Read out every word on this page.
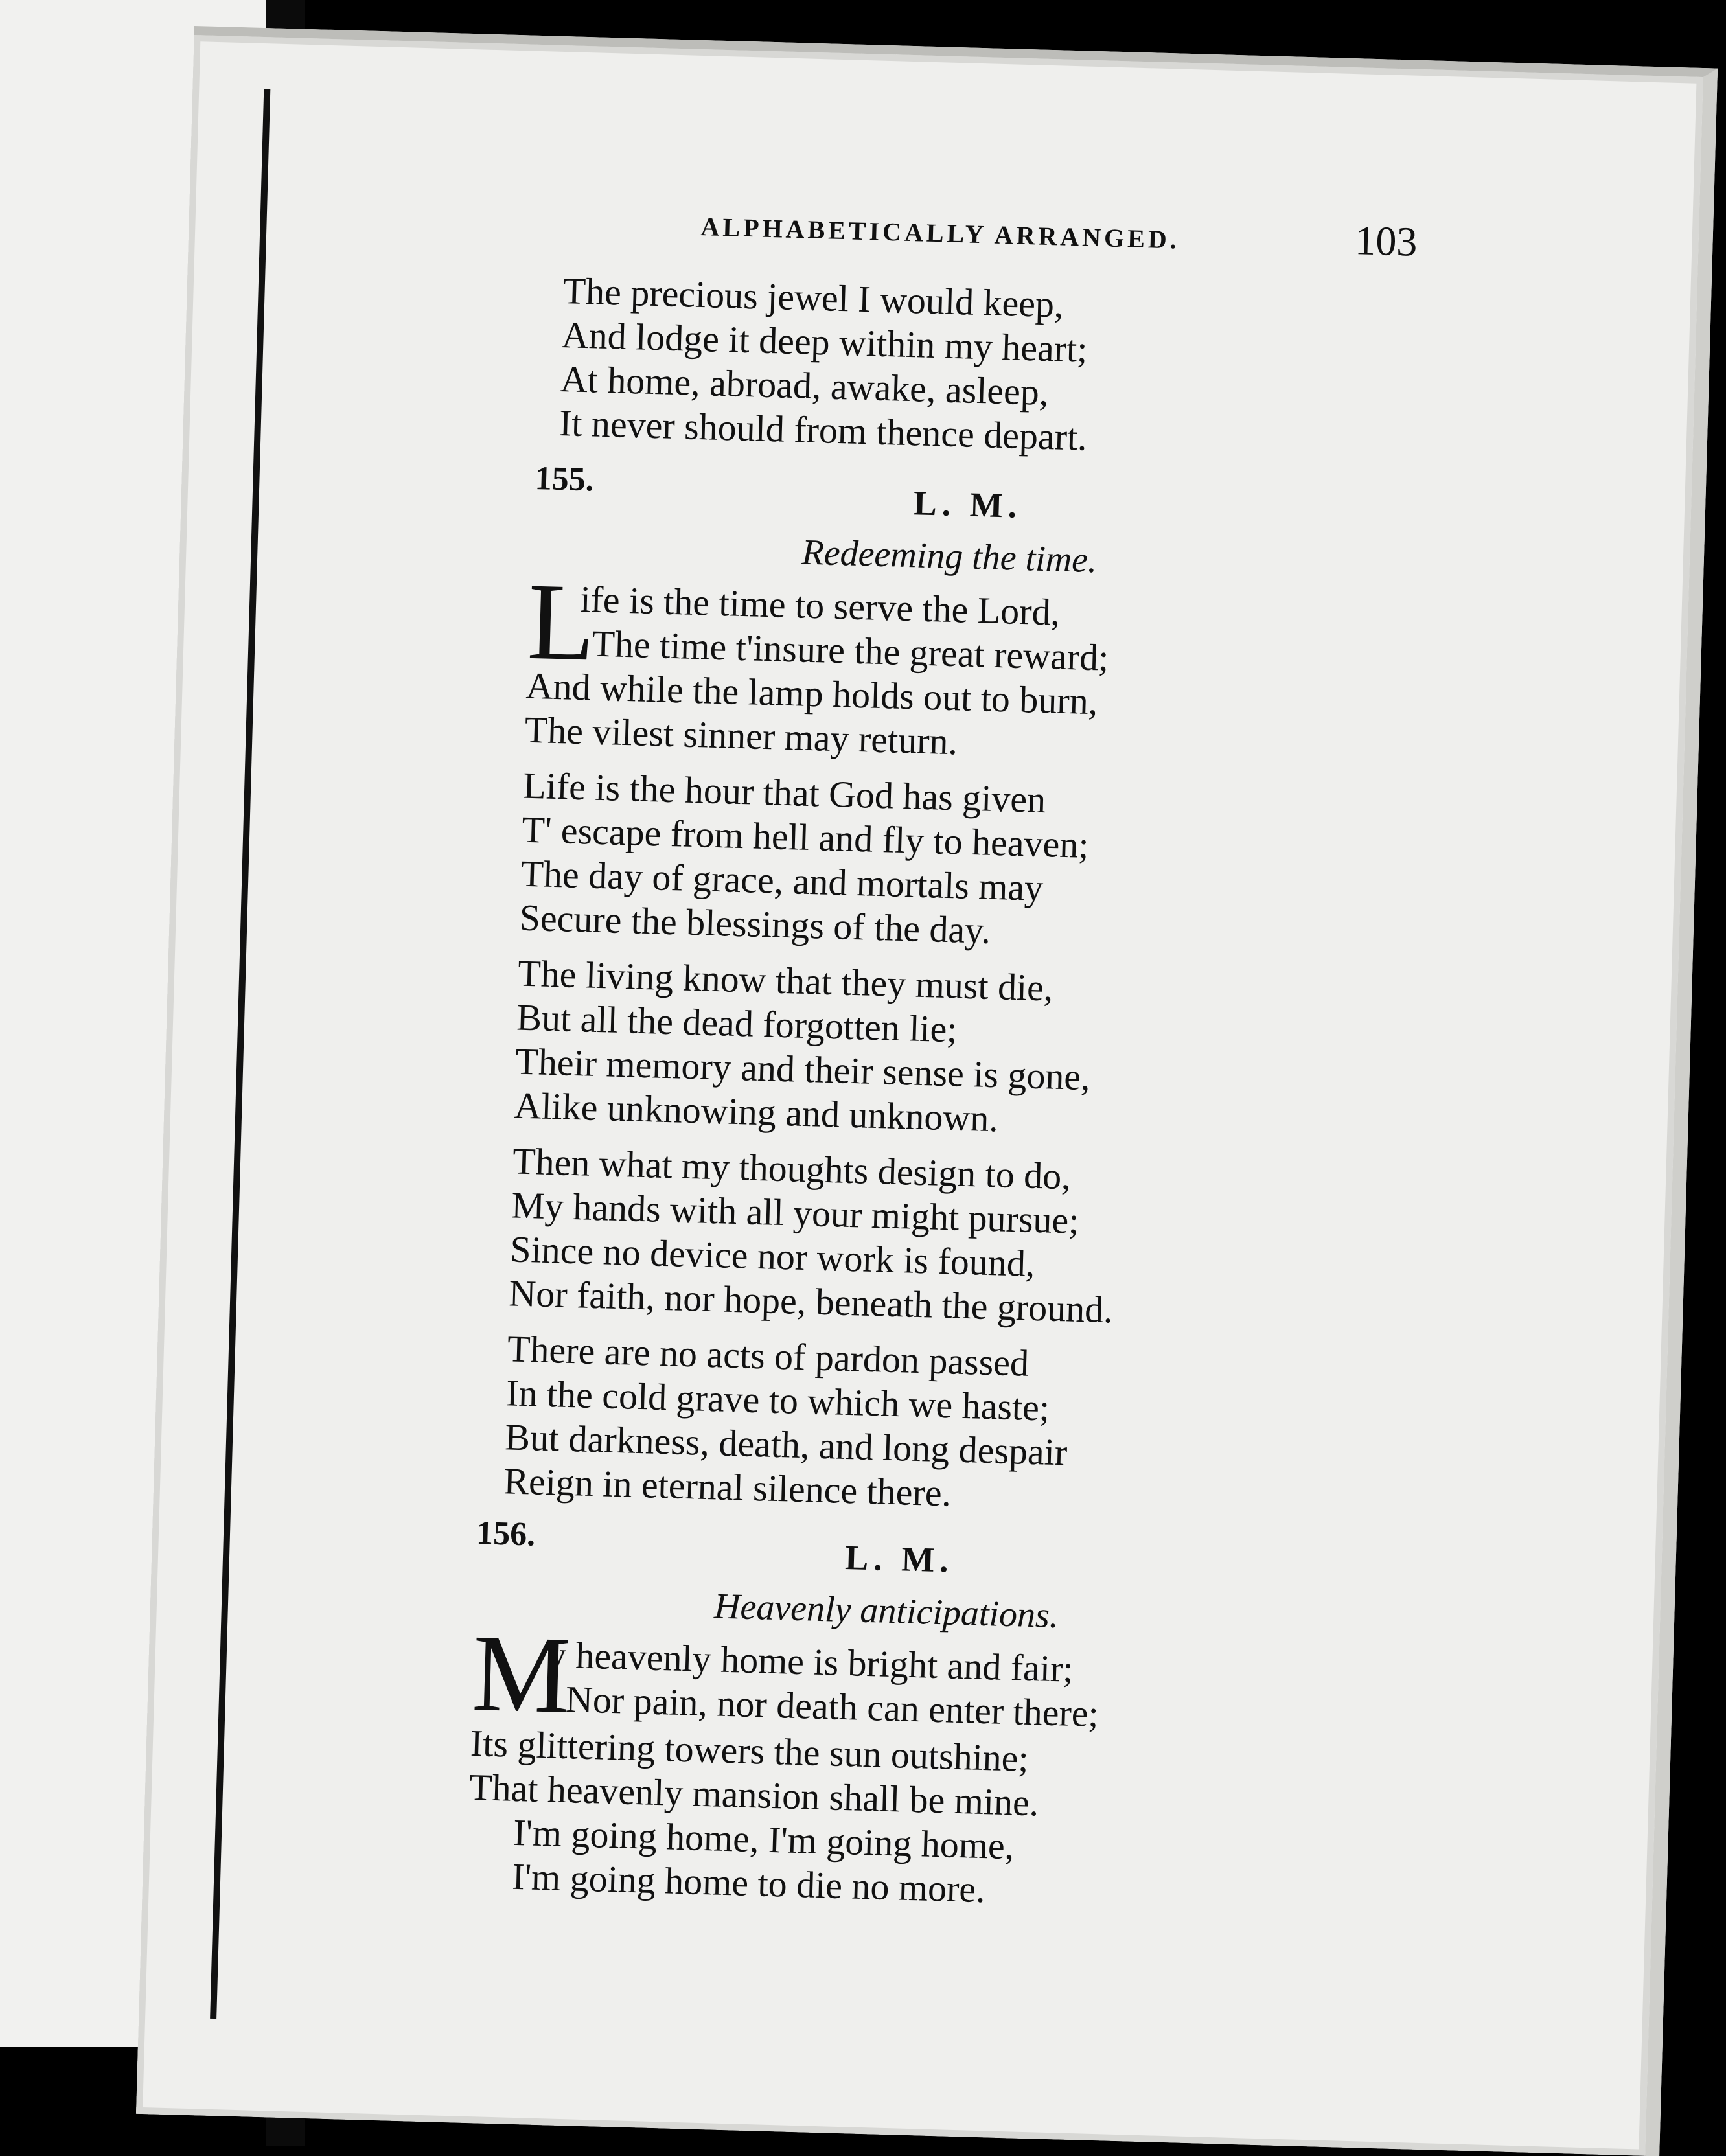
ALPHABETICALLY ARRANGED.	103

The precious jewel I would keep,

And lodge it deep within my heart;

At home, abroad, awake, asleep,

It never should from thence depart.

155.
L. M.
Redeeming the time.
L

ife is the time to serve the Lord,

The time t'insure the great reward;

And while the lamp holds out to burn,

The vilest sinner may return.

Life is the hour that God has given

T' escape from hell and fly to heaven;

The day of grace, and mortals may

Secure the blessings of the day.

The living know that they must die,

But all the dead forgotten lie;

Their memory and their sense is gone,

Alike unknowing and unknown.

Then what my thoughts design to do,

My hands with all your might pursue;

Since no device nor work is found,

Nor faith, nor hope, beneath the ground.

There are no acts of pardon passed

In the cold grave to which we haste;

But darkness, death, and long despair

Reign in eternal silence there.

156.
L. M.
Heavenly anticipations.
M

y heavenly home is bright and fair;

Nor pain, nor death can enter there;

Its glittering towers the sun outshine;

That heavenly mansion shall be mine.

I'm going home, I'm going home,

I'm going home to die no more.
